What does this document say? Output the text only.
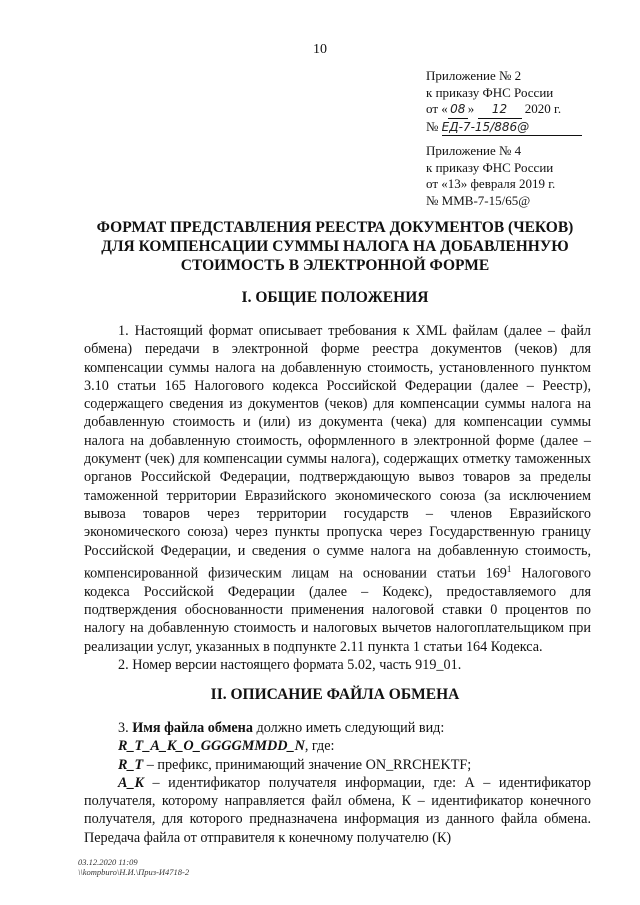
10
Приложение № 2
к приказу ФНС России
от « 08 » 12 2020 г.
№ ЕД-7-15/886@
Приложение № 4
к приказу ФНС России
от «13» февраля 2019 г.
№ ММВ-7-15/65@
ФОРМАТ ПРЕДСТАВЛЕНИЯ РЕЕСТРА ДОКУМЕНТОВ (ЧЕКОВ)
ДЛЯ КОМПЕНСАЦИИ СУММЫ НАЛОГА НА ДОБАВЛЕННУЮ
СТОИМОСТЬ В ЭЛЕКТРОННОЙ ФОРМЕ
I. ОБЩИЕ ПОЛОЖЕНИЯ

1. Настоящий формат описывает требования к XML файлам (далее – файл обмена) передачи в электронной форме реестра документов (чеков) для компенсации суммы налога на добавленную стоимость, установленного пунктом 3.10 статьи 165 Налогового кодекса Российской Федерации (далее – Реестр), содержащего сведения из документов (чеков) для компенсации суммы налога на добавленную стоимость и (или) из документа (чека) для компенсации суммы налога на добавленную стоимость, оформленного в электронной форме (далее – документ (чек) для компенсации суммы налога), содержащих отметку таможенных органов Российской Федерации, подтверждающую вывоз товаров за пределы таможенной территории Евразийского экономического союза (за исключением вывоза товаров через территории государств – членов Евразийского экономического союза) через пункты пропуска через Государственную границу Российской Федерации, и сведения о сумме налога на добавленную стоимость, компенсированной физическим лицам на основании статьи $169^1$ Налогового кодекса Российской Федерации (далее – Кодекс), предоставляемого для подтверждения обоснованности применения налоговой ставки 0 процентов по налогу на добавленную стоимость и налоговых вычетов налогоплательщиком при реализации услуг, указанных в подпункте 2.11 пункта 1 статьи 164 Кодекса.

2. Номер версии настоящего формата 5.02, часть 919_01.

II. ОПИСАНИЕ ФАЙЛА ОБМЕНА
3. Имя файла обмена должно иметь следующий вид:
R_T_A_K_O_GGGGMMDD_N, где:
R_T – префикс, принимающий значение ON_RRCHEKTF;

A_K – идентификатор получателя информации, где: А – идентификатор получателя, которому направляется файл обмена, К – идентификатор конечного получателя, для которого предназначена информация из данного файла обмена. Передача файла от отправителя к конечному получателю (К)

03.12.2020 11:09
\\kompburo\Н.И.\Приз-И4718-2
